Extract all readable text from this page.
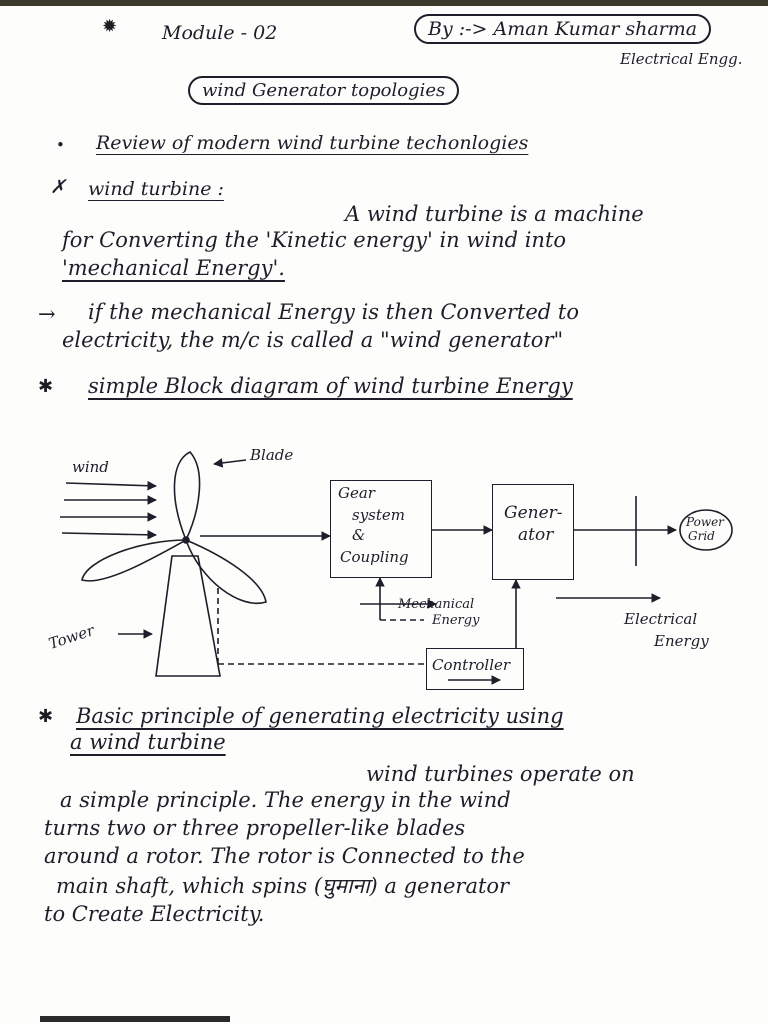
✹ Module - 02	By :-> Aman Kumar sharma
Electrical Engg.
wind Generator topologies
• Review of modern wind turbine techonlogies
✗ wind turbine :
A wind turbine is a machine
for Converting the 'Kinetic energy' in wind into
'mechanical Energy'.
→ if the mechanical Energy is then Converted to
electricity, the m/c is called a "wind generator"
✱ simple Block diagram of wind turbine Energy
wind
Blade
Tower
Gear
system
&
Coupling
Gener-
ator
Power
Grid
Mechanical
Energy	Electrical
Energy
Controller
✱ Basic principle of generating electricity using
a wind turbine
wind turbines operate on
a simple principle. The energy in the wind
turns two or three propeller-like blades
around a rotor. The rotor is Connected to the
main shaft, which spins (घुमाना) a generator
to Create Electricity.
